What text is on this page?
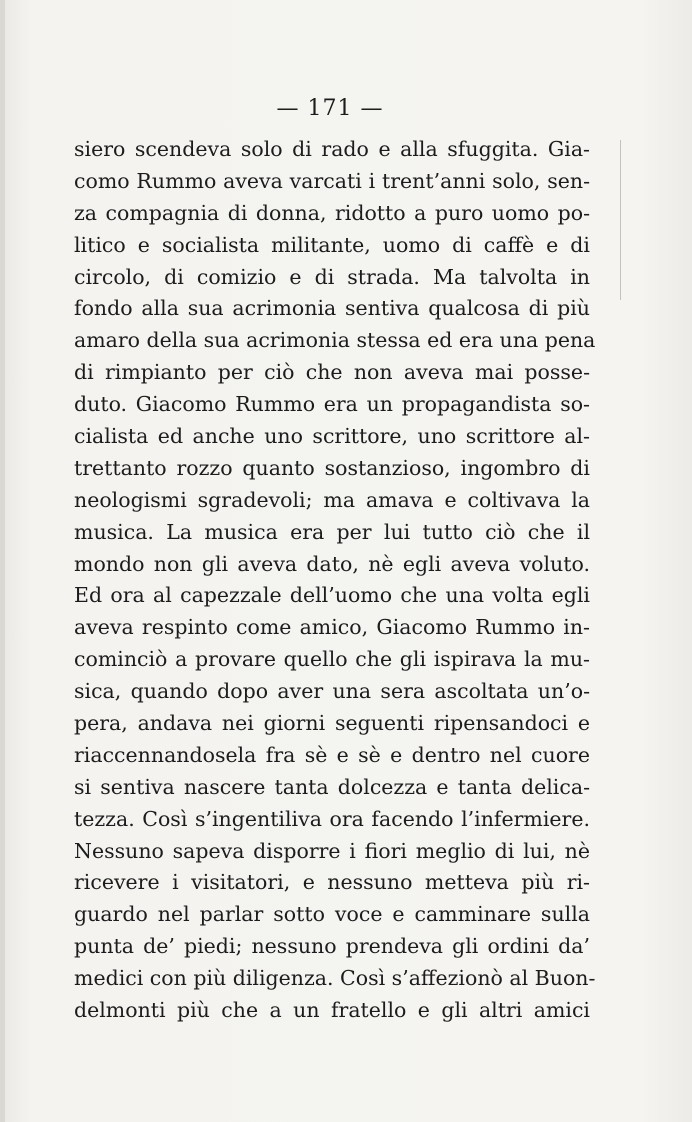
— 171 —
siero scendeva solo di rado e alla sfuggita. Gia-
como Rummo aveva varcati i trent’anni solo, sen-
za compagnia di donna, ridotto a puro uomo po-
litico e socialista militante, uomo di caffè e di
circolo, di comizio e di strada. Ma talvolta in
fondo alla sua acrimonia sentiva qualcosa di più
amaro della sua acrimonia stessa ed era una pena
di rimpianto per ciò che non aveva mai posse-
duto. Giacomo Rummo era un propagandista so-
cialista ed anche uno scrittore, uno scrittore al-
trettanto rozzo quanto sostanzioso, ingombro di
neologismi sgradevoli; ma amava e coltivava la
musica. La musica era per lui tutto ciò che il
mondo non gli aveva dato, nè egli aveva voluto.
Ed ora al capezzale dell’uomo che una volta egli
aveva respinto come amico, Giacomo Rummo in-
cominciò a provare quello che gli ispirava la mu-
sica, quando dopo aver una sera ascoltata un’o-
pera, andava nei giorni seguenti ripensandoci e
riaccennandosela fra sè e sè e dentro nel cuore
si sentiva nascere tanta dolcezza e tanta delica-
tezza. Così s’ingentiliva ora facendo l’infermiere.
Nessuno sapeva disporre i fiori meglio di lui, nè
ricevere i visitatori, e nessuno metteva più ri-
guardo nel parlar sotto voce e camminare sulla
punta de’ piedi; nessuno prendeva gli ordini da’
medici con più diligenza. Così s’affezionò al Buon-
delmonti più che a un fratello e gli altri amici
